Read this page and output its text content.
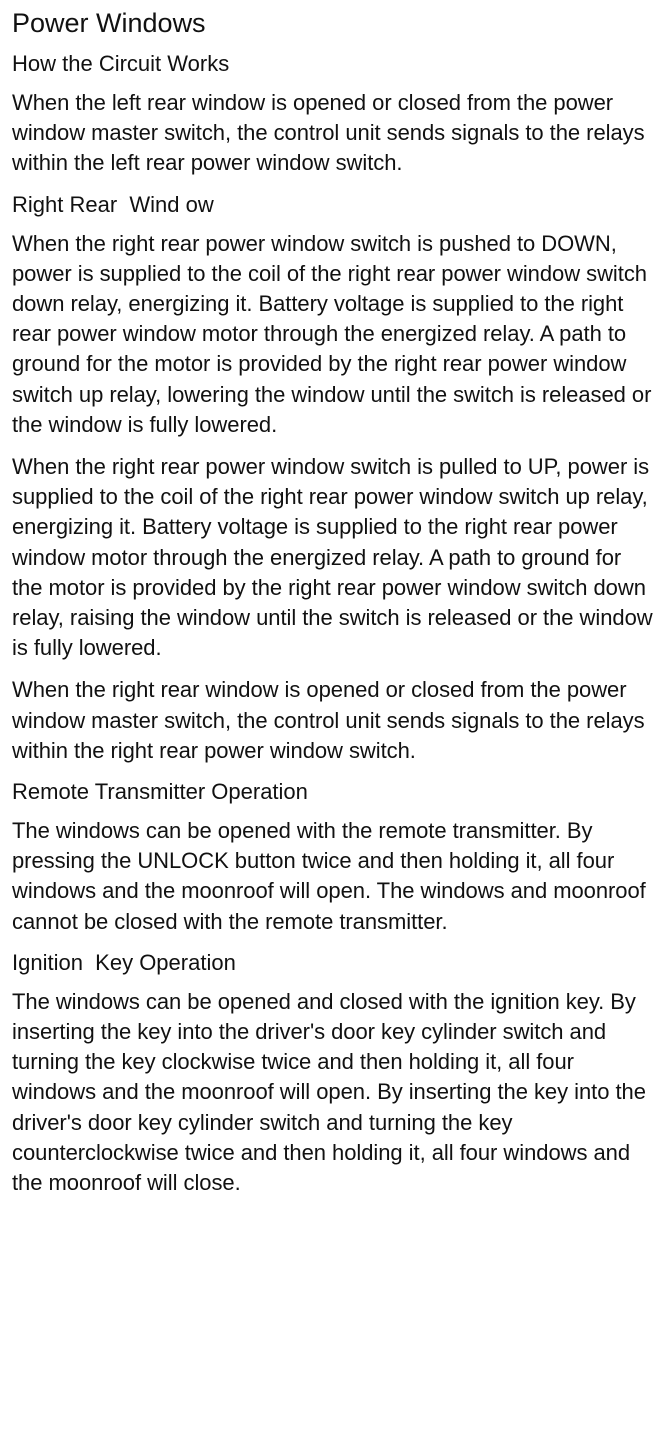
Power Windows
How the Circuit Works

When the left rear window is opened or closed from the power window master switch, the control unit sends signals to the relays within the left rear power window switch.

Right Rear  Wind ow

When the right rear power window switch is pushed to DOWN, power is supplied to the coil of the right rear power window switch down relay, energizing it. Battery voltage is supplied to the right rear power window motor through the energized relay. A path to ground for the motor is provided by the right rear power window switch up relay, lowering the window until the switch is released or the window is fully lowered.

When the right rear power window switch is pulled to UP, power is supplied to the coil of the right rear power window switch up relay, energizing it. Battery voltage is supplied to the right rear power window motor through the energized relay. A path to ground for the motor is provided by the right rear power window switch down relay, raising the window until the switch is released or the window is fully lowered.

When the right rear window is opened or closed from the power window master switch, the control unit sends signals to the relays within the right rear power window switch.

Remote Transmitter Operation

The windows can be opened with the remote transmitter. By pressing the UNLOCK button twice and then holding it, all four windows and the moonroof will open. The windows and moonroof cannot be closed with the remote transmitter.

Ignition  Key Operation

The windows can be opened and closed with the ignition key. By inserting the key into the driver's door key cylinder switch and turning the key clockwise twice and then holding it, all four windows and the moonroof will open. By inserting the key into the driver's door key cylinder switch and turning the key counterclockwise twice and then holding it, all four windows and the moonroof will close.
